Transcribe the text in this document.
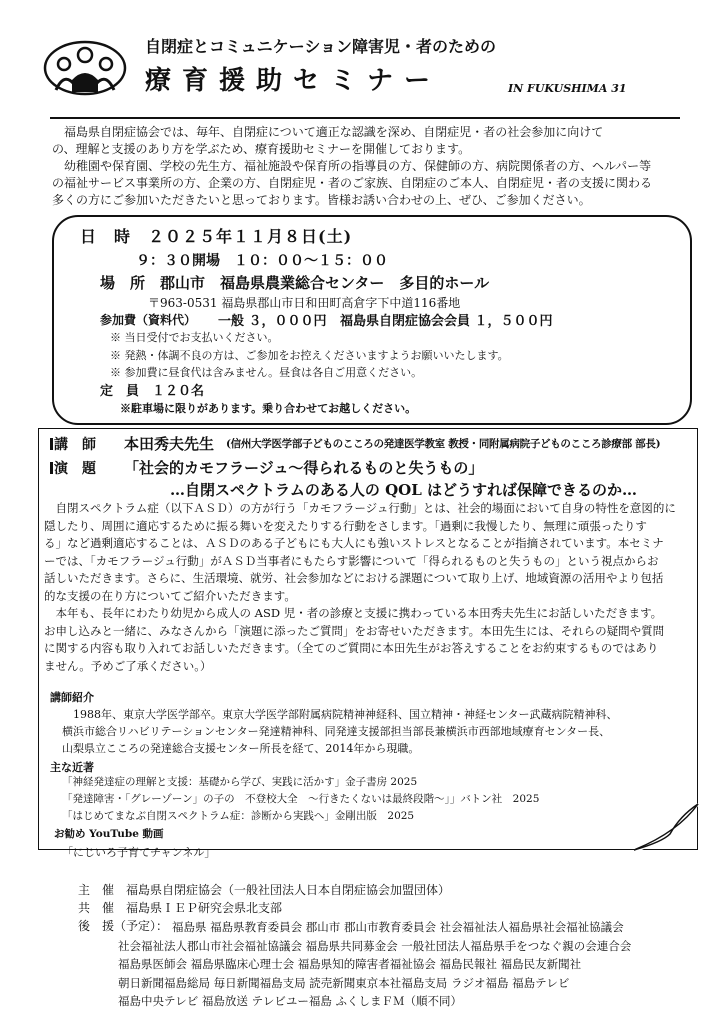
自閉症とコミュニケーション障害児・者のための
療育援助セミナー	IN FUKUSHIMA 31
　福島県自閉症協会では、毎年、自閉症について適正な認識を深め、自閉症児・者の社会参加に向けて
の、理解と支援のあり方を学ぶため、療育援助セミナーを開催しております。
　幼稚園や保育園、学校の先生方、福祉施設や保育所の指導員の方、保健師の方、病院関係者の方、ヘルパー等
の福祉サービス事業所の方、企業の方、自閉症児・者のご家族、自閉症のご本人、自閉症児・者の支援に関わる
多くの方にご参加いただきたいと思っております。皆様お誘い合わせの上、ぜひ、ご参加ください。
日　時　２０２５年１１月８日(土)
９：３０開場　１０：００～１５：００
場　所　郡山市　福島県農業総合センター　多目的ホール
〒963-0531 福島県郡山市日和田町高倉字下中道116番地
参加費（資料代） 一般 ３，０００円 福島県自閉症協会会員 １，５００円
※ 当日受付でお支払いください。
※ 発熱・体調不良の方は、ご参加をお控えくださいますようお願いいたします。
※ 参加費に昼食代は含みません。昼食は各自ご用意ください。
定　員　１２０名
※駐車場に限りがあります。乗り合わせてお越しください。
講　師 本田秀夫先生 (信州大学医学部子どものこころの発達医学教室 教授・同附属病院子どものこころ診療部 部長)
演　題 「社会的カモフラージュ～得られるものと失うもの」
…自閉スペクトラムのある人の QOL はどうすれば保障できるのか…
　自閉スペクトラム症（以下ＡＳＤ）の方が行う「カモフラージュ行動」とは、社会的場面において自身の特性を意図的に
隠したり、周囲に適応するために振る舞いを変えたりする行動をさします。「過剰に我慢したり、無理に頑張ったりす
る」など過剰適応することは、ＡＳＤのある子どもにも大人にも強いストレスとなることが指摘されています。本セミナ
ーでは、「カモフラージュ行動」がＡＳＤ当事者にもたらす影響について「得られるものと失うもの」という視点からお
話しいただきます。さらに、生活環境、就労、社会参加などにおける課題について取り上げ、地域資源の活用やより包括
的な支援の在り方についてご紹介いただきます。
　本年も、長年にわたり幼児から成人の ASD 児・者の診療と支援に携わっている本田秀夫先生にお話しいただきます。
お申し込みと一緒に、みなさんから「演題に添ったご質問」をお寄せいただきます。本田先生には、それらの疑問や質問
に関する内容も取り入れてお話しいただきます。（全てのご質問に本田先生がお答えすることをお約束するものではあり
ません。予めご了承ください。）
講師紹介
　1988年、東京大学医学部卒。東京大学医学部附属病院精神神経科、国立精神・神経センター武蔵病院精神科、
横浜市総合リハビリテーションセンター発達精神科、同発達支援部担当部長兼横浜市西部地域療育センター長、
山梨県立こころの発達総合支援センター所長を経て、2014年から現職。
主な近著
「神経発達症の理解と支援：基礎から学び、実践に活かす」金子書房 2025
「発達障害・「グレーゾーン」の子の　不登校大全　～行きたくないは最終段階～」」バトン社　2025
「はじめてまなぶ自閉スペクトラム症：診断から実践へ」金剛出版　2025
お勧め YouTube 動画
「にじいろ子育てチャンネル」
主　催 福島県自閉症協会（一般社団法人日本自閉症協会加盟団体）
共　催 福島県ＩＥＰ研究会県北支部
後　援（予定）： 福島県 福島県教育委員会 郡山市 郡山市教育委員会 社会福祉法人福島県社会福祉協議会
社会福祉法人郡山市社会福祉協議会 福島県共同募金会 一般社団法人福島県手をつなぐ親の会連合会
福島県医師会 福島県臨床心理士会 福島県知的障害者福祉協会 福島民報社 福島民友新聞社
朝日新聞福島総局 毎日新聞福島支局 読売新聞東京本社福島支局 ラジオ福島 福島テレビ
福島中央テレビ 福島放送 テレビユー福島 ふくしまＦＭ（順不同）
